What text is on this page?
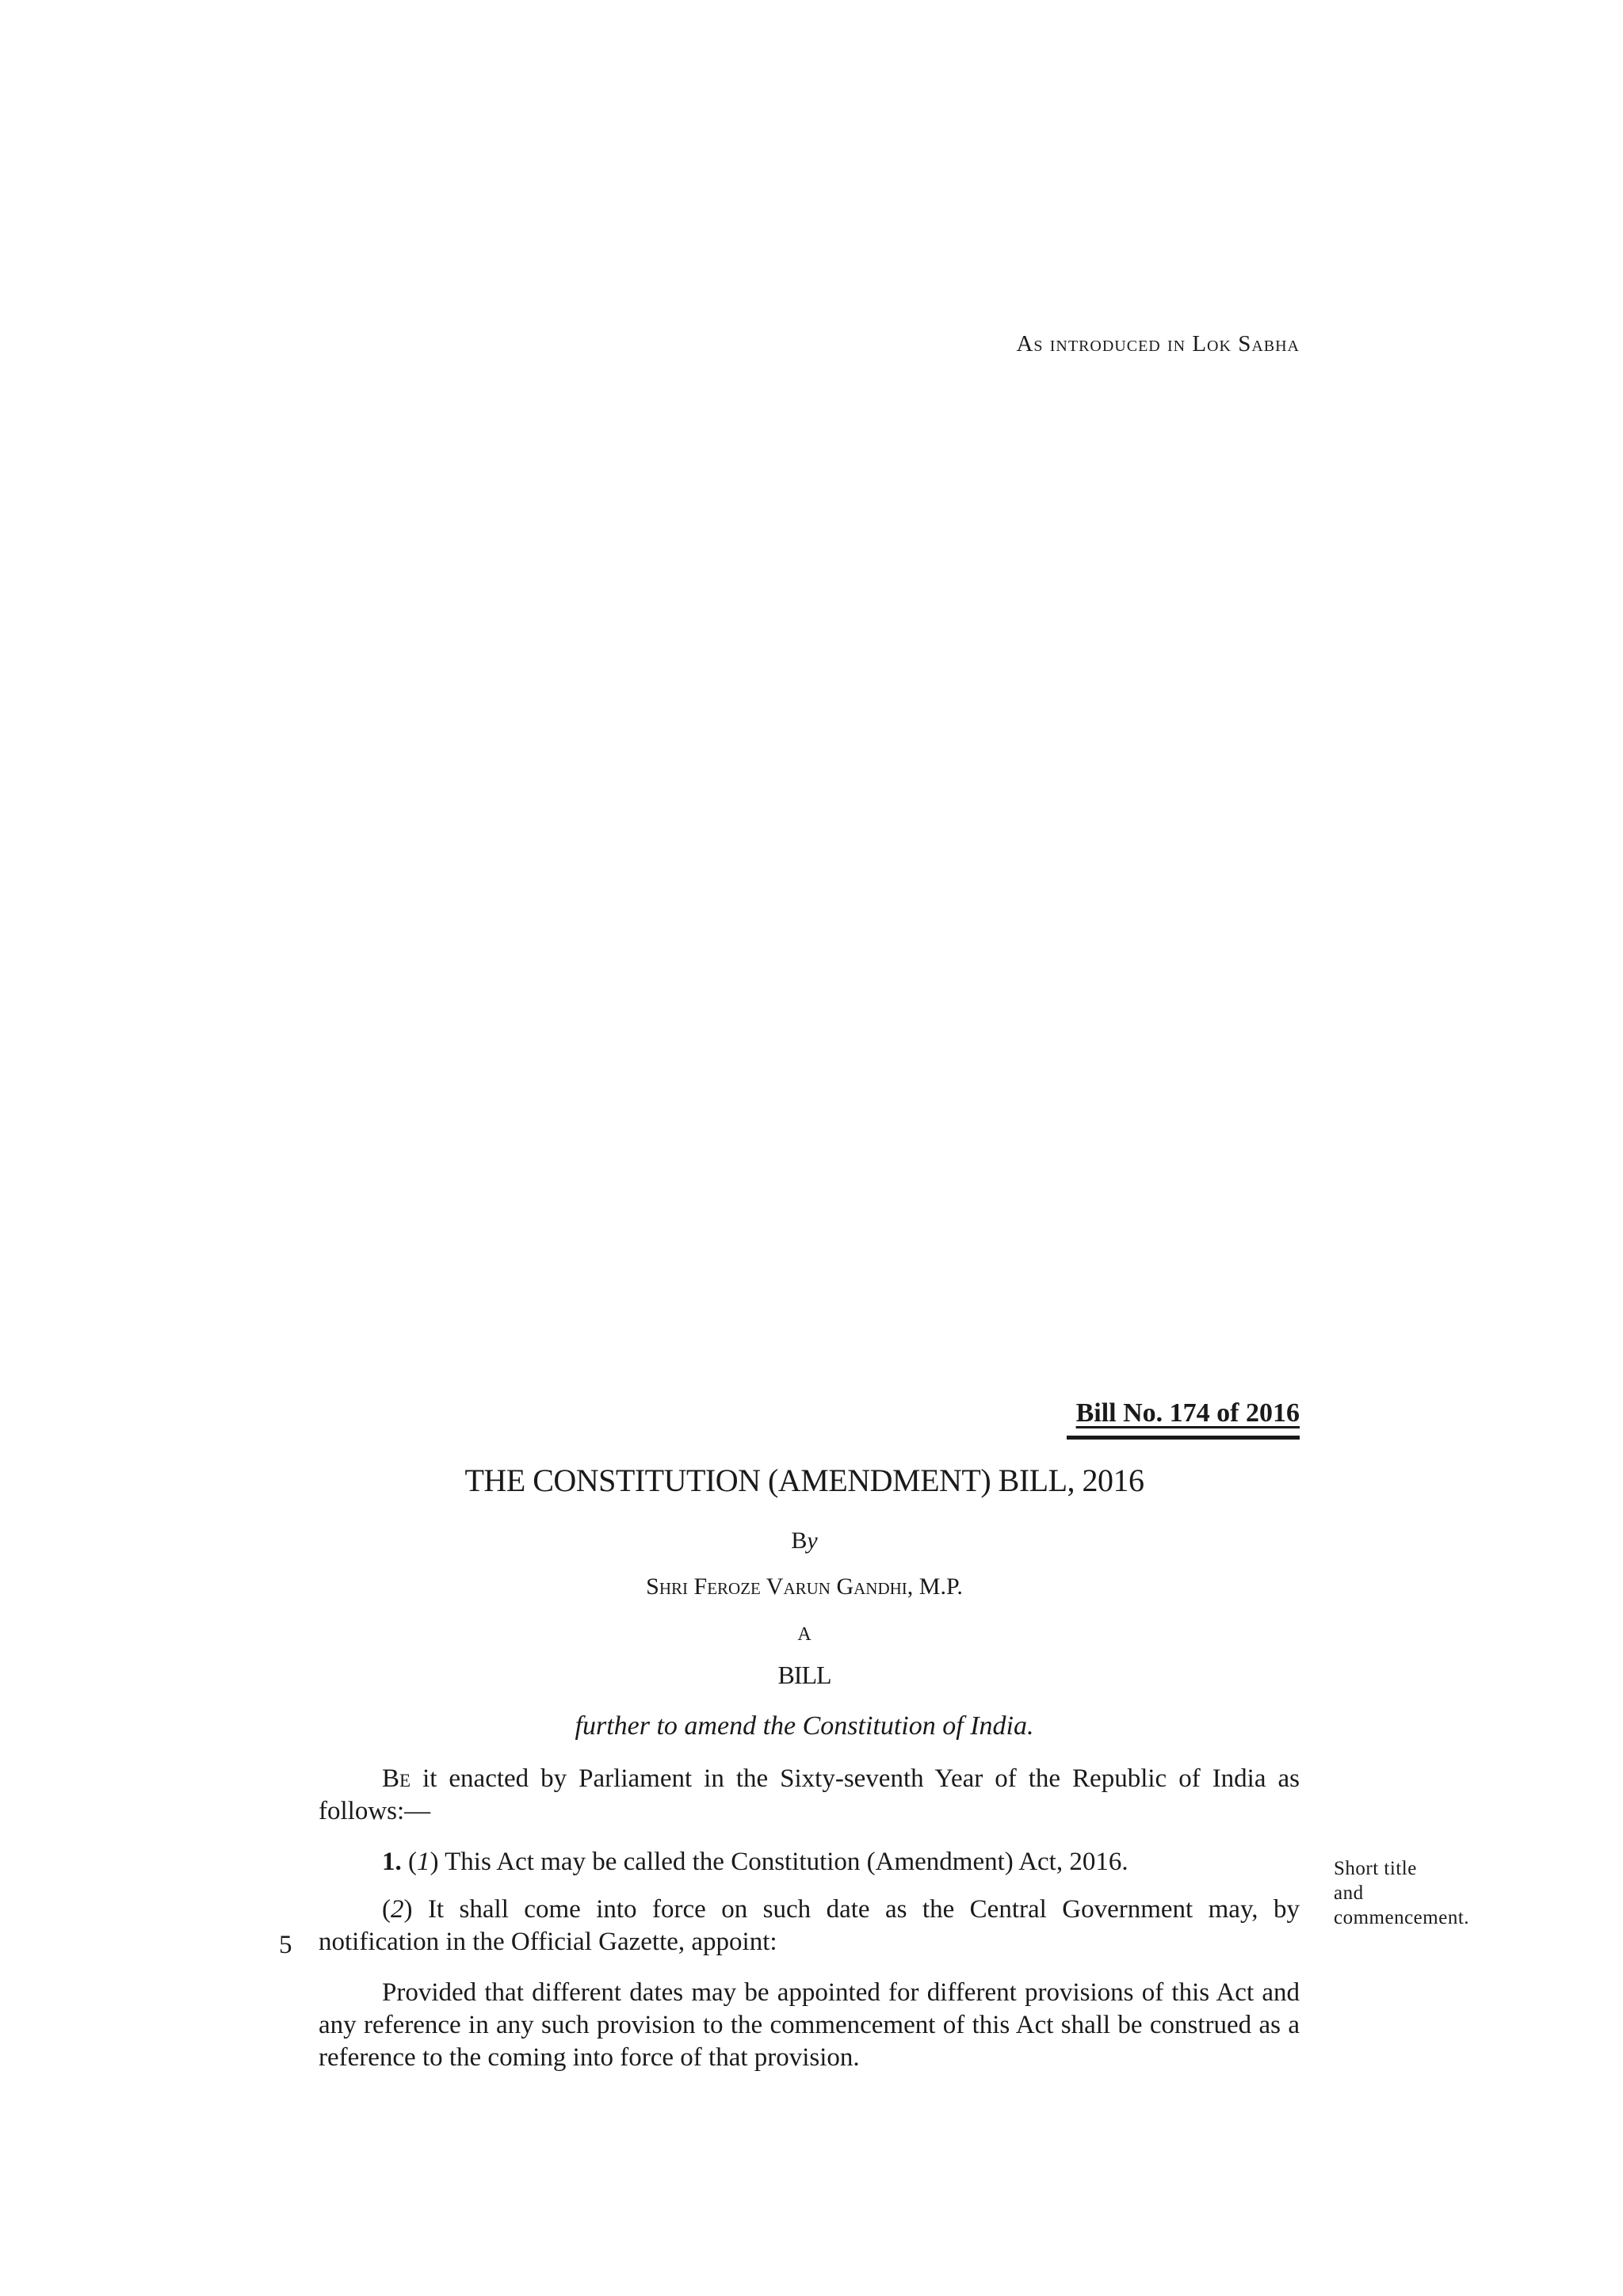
As introduced in Lok Sabha
Bill No. 174 of 2016
THE CONSTITUTION (AMENDMENT) BILL, 2016
By
Shri Feroze Varun Gandhi, M.P.
A
BILL
further to amend the Constitution of India.

Be it enacted by Parliament in the Sixty-seventh Year of the Republic of India as follows:—

1. (1) This Act may be called the Constitution (Amendment) Act, 2016.

(2) It shall come into force on such date as the Central Government may, by notification in the Official Gazette, appoint:

5

Provided that different dates may be appointed for different provisions of this Act and any reference in any such provision to the commencement of this Act shall be construed as a reference to the coming into force of that provision.

Short title
and
commencement.
